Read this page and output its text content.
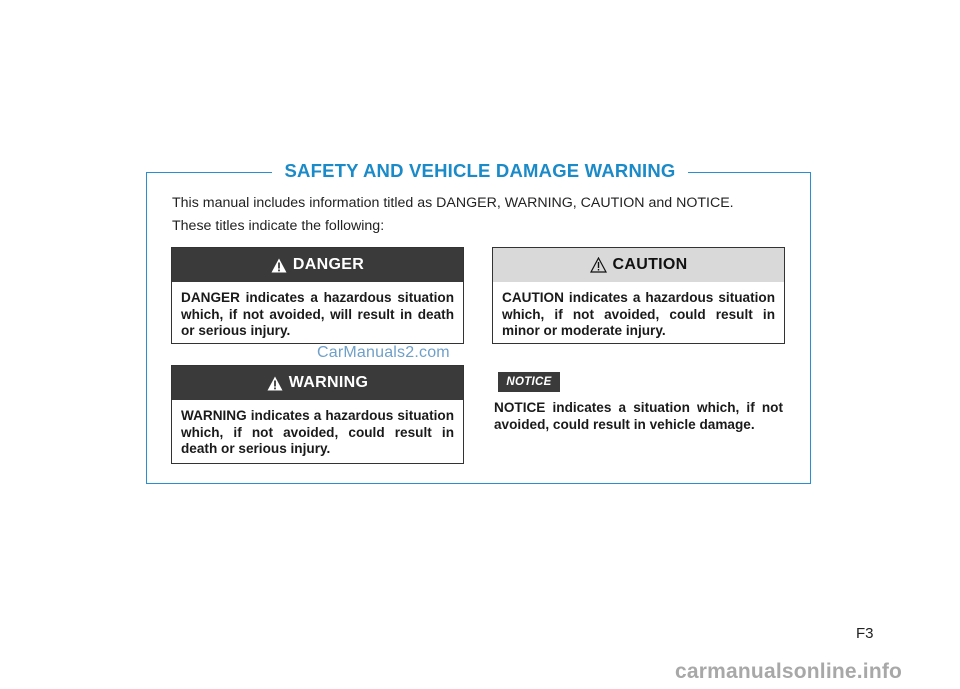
SAFETY AND VEHICLE DAMAGE WARNING
This manual includes information titled as DANGER, WARNING, CAUTION and NOTICE.
These titles indicate the following:
DANGER
DANGER indicates a hazardous situation which, if not avoided, will result in death or serious injury.
CAUTION
CAUTION indicates a hazardous situation which, if not avoided, could result in minor or moderate injury.
CarManuals2.com
WARNING
WARNING indicates a hazardous situation which, if not avoided, could result in death or serious injury.
NOTICE
NOTICE indicates a situation which, if not avoided, could result in vehicle damage.
F3
carmanualsonline.info
